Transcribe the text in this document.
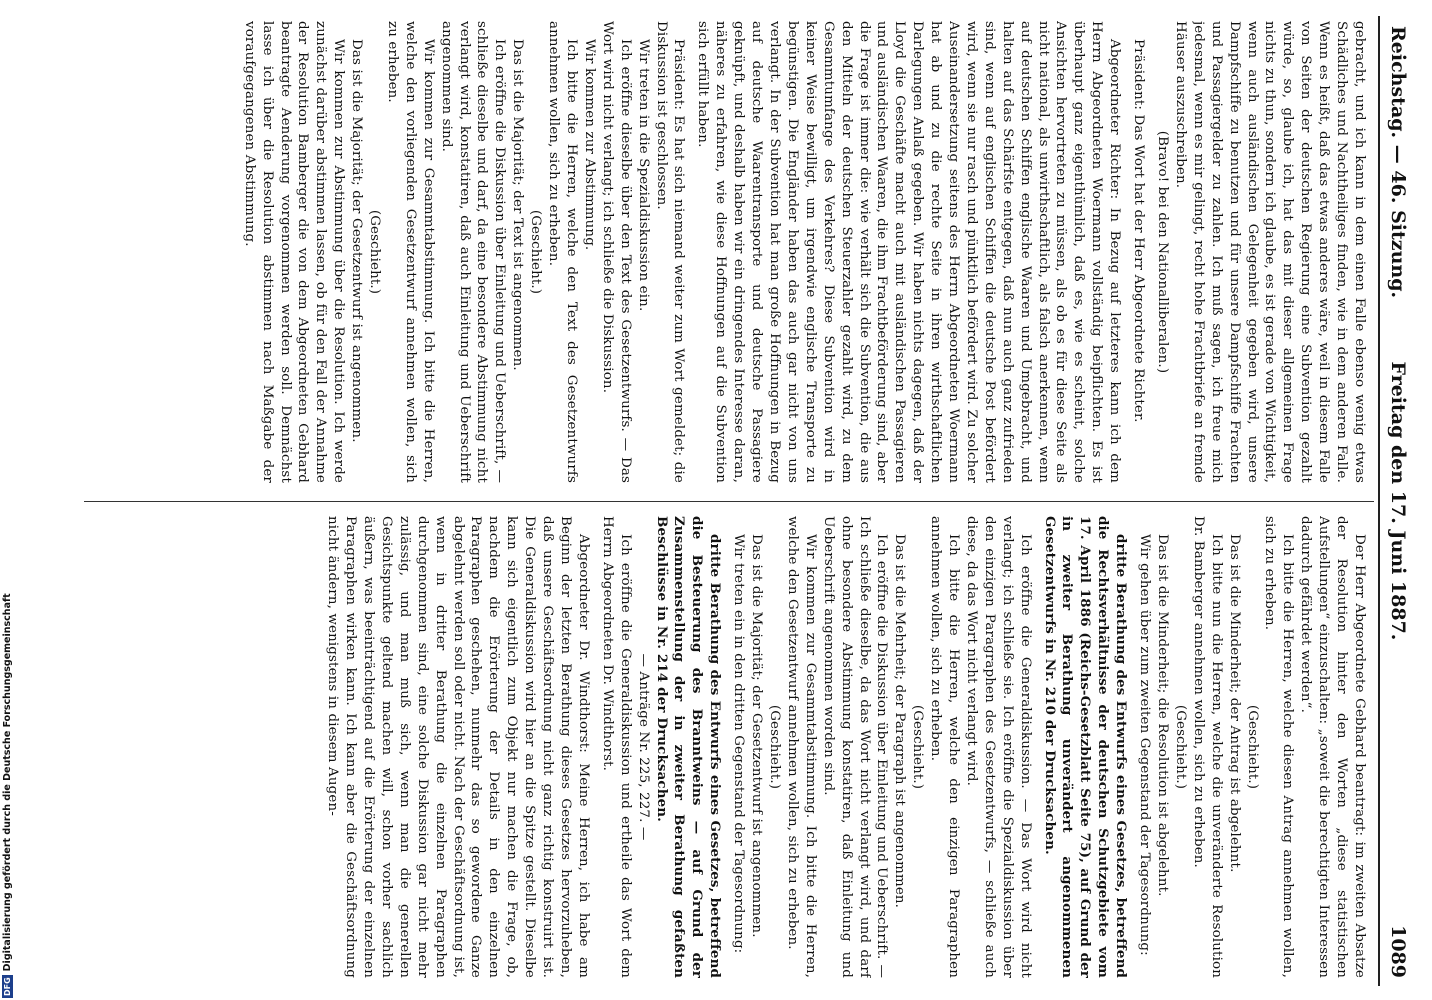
Reichstag. — 46. Sitzung.
Freitag den 17. Juni 1887.
1089

gebracht, und ich kann in dem einen Falle ebenso wenig etwas Schädliches und Nachtheiliges finden, wie in dem anderen Falle. Wenn es heißt, daß das etwas anderes wäre, weil in diesem Falle von Seiten der deutschen Regierung eine Subvention gezahlt würde, so, glaube ich, hat das mit dieser allgemeinen Frage nichts zu thun, sondern ich glaube, es ist gerade von Wichtigkeit, wenn auch ausländischen Gelegenheit gegeben wird, unsere Dampfschiffe zu benutzen und für unsere Dampfschiffe Frachten und Passagiergelder zu zahlen. Ich muß sagen, ich freue mich jedesmal, wenn es mir gelingt, recht hohe Frachtbriefe an fremde Häuser auszuschreiben.

(Bravo! bei den Nationalliberalen.)

Präsident: Das Wort hat der Herr Abgeordnete Richter.

Abgeordneter Richter: In Bezug auf letzteres kann ich dem Herrn Abgeordneten Woermann vollständig beipflichten. Es ist überhaupt ganz eigenthümlich, daß es, wie es scheint, solche Ansichten hervortreten zu müssen, als ob es für diese Seite als nicht national, als unwirthschaftlich, als falsch anerkennen, wenn auf deutschen Schiffen englische Waaren und Umgebracht, und halten auf das Schärfste entgegen, daß nun auch ganz zufrieden sind, wenn auf englischen Schiffen die deutsche Post befördert wird, wenn sie nur rasch und pünktlich befördert wird. Zu solcher Auseinandersetzung seitens des Herrn Abgeordneten Woermann hat ab und zu die rechte Seite in ihren wirthschaftlichen Darlegungen Anlaß gegeben. Wir haben nichts dagegen, daß der Lloyd die Geschäfte macht auch mit ausländischen Passagieren und ausländischen Waaren, die ihm Frachtbeförderung sind, aber die Frage ist immer die: wie verhält sich die Subvention, die aus den Mitteln der deutschen Steuerzahler gezahlt wird, zu dem Gesammtumfange des Verkehres? Diese Subvention wird in keiner Weise bewilligt, um irgendwie englische Transporte zu begünstigen. Die Engländer haben das auch gar nicht von uns verlangt. In der Subvention hat man große Hoffnungen in Bezug auf deutsche Waarentransporte und deutsche Passagiere geknüpft, und deshalb haben wir ein dringendes Interesse daran, näheres zu erfahren, wie diese Hoffnungen auf die Subvention sich erfüllt haben.

Präsident: Es hat sich niemand weiter zum Wort gemeldet; die Diskussion ist geschlossen.

Wir treten in die Spezialdiskussion ein.

Ich eröffne dieselbe über den Text des Gesetzentwurfs. — Das Wort wird nicht verlangt; ich schließe die Diskussion.

Wir kommen zur Abstimmung.

Ich bitte die Herren, welche den Text des Gesetzentwurfs annehmen wollen, sich zu erheben.

(Geschieht.)

Das ist die Majorität; der Text ist angenommen.

Ich eröffne die Diskussion über Einleitung und Ueberschrift, — schließe dieselbe und darf, da eine besondere Abstimmung nicht verlangt wird, konstatiren, daß auch Einleitung und Ueberschrift angenommen sind.

Wir kommen zur Gesammtabstimmung. Ich bitte die Herren, welche den vorliegenden Gesetzentwurf annehmen wollen, sich zu erheben.

(Geschieht.)

Das ist die Majorität; der Gesetzentwurf ist angenommen.

Wir kommen zur Abstimmung über die Resolution. Ich werde zunächst darüber abstimmen lassen, ob für den Fall der Annahme der Resolution Bamberger die von dem Abgeordneten Gebhard beantragte Aenderung vorgenommen werden soll. Demnächst lasse ich über die Resolution abstimmen nach Maßgabe der voraufgegangenen Abstimmung.

Der Herr Abgeordnete Gebhard beantragt: im zweiten Absatze der Resolution hinter den Worten „diese statistischen Aufstellungen“ einzuschalten: „soweit die berechtigten Interessen dadurch gefährdet werden“.

Ich bitte die Herren, welche diesen Antrag annehmen wollen, sich zu erheben.

(Geschieht.)

Das ist die Minderheit; der Antrag ist abgelehnt.

Ich bitte nun die Herren, welche die unveränderte Resolution Dr. Bamberger annehmen wollen, sich zu erheben.

(Geschieht.)

Das ist die Minderheit; die Resolution ist abgelehnt.

Wir gehen über zum zweiten Gegenstand der Tagesordnung:

dritte Berathung des Entwurfs eines Gesetzes, betreffend die Rechtsverhältnisse der deutschen Schutzgebiete vom 17. April 1886 (Reichs-Gesetzblatt Seite 75), auf Grund der in zweiter Berathung unverändert angenommenen Gesetzentwurfs in Nr. 210 der Drucksachen.

Ich eröffne die Generaldiskussion. — Das Wort wird nicht verlangt; ich schließe sie. Ich eröffne die Spezialdiskussion über den einzigen Paragraphen des Gesetzentwurfs, — schließe auch diese, da das Wort nicht verlangt wird.

Ich bitte die Herren, welche den einzigen Paragraphen annehmen wollen, sich zu erheben.

(Geschieht.)

Das ist die Mehrheit; der Paragraph ist angenommen.

Ich eröffne die Diskussion über Einleitung und Ueberschrift. — Ich schließe dieselbe, da das Wort nicht verlangt wird, und darf ohne besondere Abstimmung konstatiren, daß Einleitung und Ueberschrift angenommen worden sind.

Wir kommen zur Gesammtabstimmung. Ich bitte die Herren, welche den Gesetzentwurf annehmen wollen, sich zu erheben.

(Geschieht.)

Das ist die Majorität; der Gesetzentwurf ist angenommen.

Wir treten ein in den dritten Gegenstand der Tagesordnung:

dritte Berathung des Entwurfs eines Gesetzes, betreffend die Besteuerung des Branntweins — auf Grund der Zusammenstellung der in zweiter Berathung gefaßten Beschlüsse in Nr. 214 der Drucksachen.

— Anträge Nr. 225, 227. —

Ich eröffne die Generaldiskussion und ertheile das Wort dem Herrn Abgeordneten Dr. Windthorst.

Abgeordneter Dr. Windthorst: Meine Herren, ich habe am Beginn der letzten Berathung dieses Gesetzes hervorzuheben, daß unsere Geschäftsordnung nicht ganz richtig konstruirt ist. Die Generaldiskussion wird hier an die Spitze gestellt. Dieselbe kann sich eigentlich zum Objekt nur machen die Frage, ob, nachdem die Erörterung der Details in den einzelnen Paragraphen geschehen, nunmehr das so gewordene Ganze abgelehnt werden soll oder nicht. Nach der Geschäftsordnung ist, wenn in dritter Berathung die einzelnen Paragraphen durchgenommen sind, eine solche Diskussion gar nicht mehr zulässig, und man muß sich, wenn man die generellen Gesichtspunkte geltend machen will, schon vorher sachlich äußern, was beeinträchtigend auf die Erörterung der einzelnen Paragraphen wirken kann. Ich kann aber die Geschäftsordnung nicht ändern, wenigstens in diesem Augen-

DFGDigitalisierung gefördert durch die Deutsche Forschungsgemeinschaft
